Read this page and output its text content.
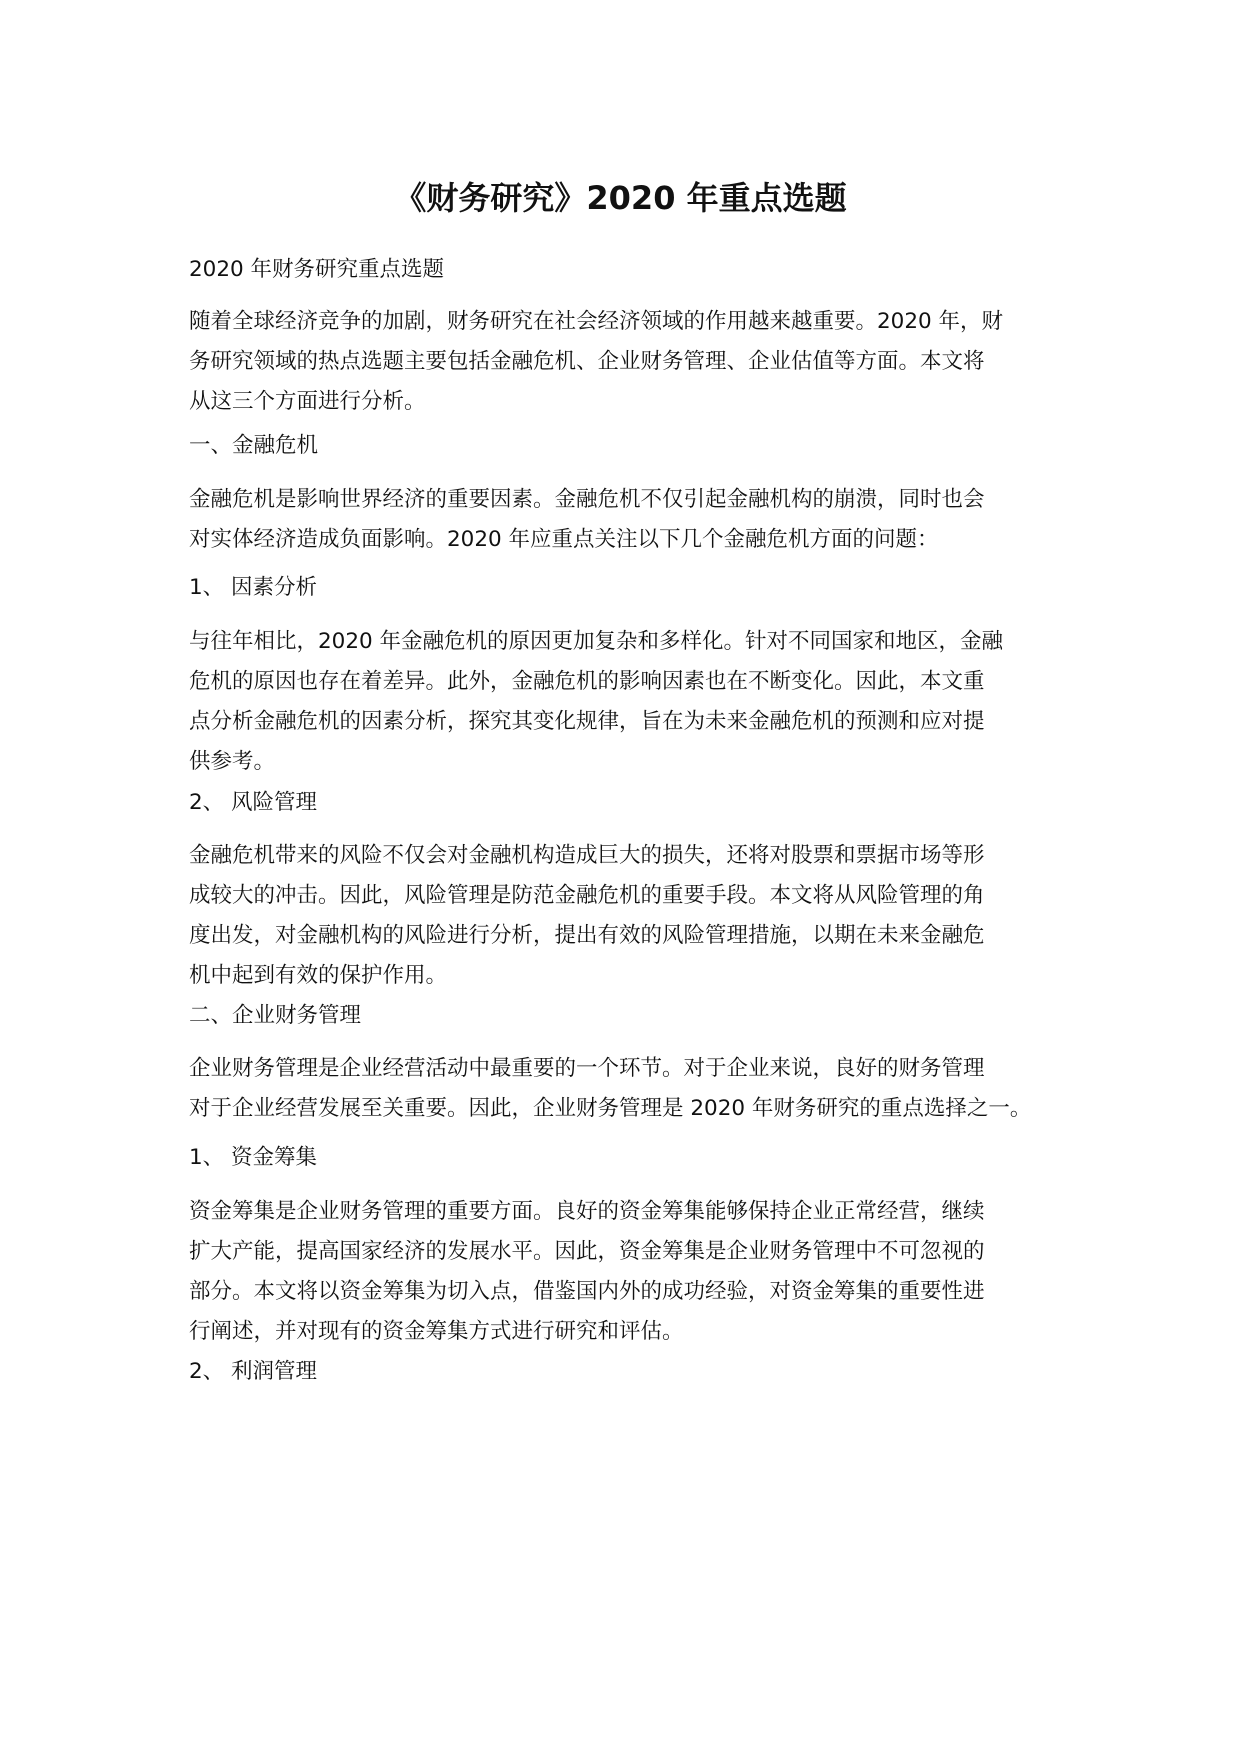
《财务研究》2020 年重点选题

2020 年财务研究重点选题

随着全球经济竞争的加剧，财务研究在社会经济领域的作用越来越重要。2020 年，财
务研究领域的热点选题主要包括金融危机、企业财务管理、企业估值等方面。本文将
从这三个方面进行分析。

一、金融危机

金融危机是影响世界经济的重要因素。金融危机不仅引起金融机构的崩溃，同时也会
对实体经济造成负面影响。2020 年应重点关注以下几个金融危机方面的问题：

1、 因素分析

与往年相比，2020 年金融危机的原因更加复杂和多样化。针对不同国家和地区，金融
危机的原因也存在着差异。此外，金融危机的影响因素也在不断变化。因此，本文重
点分析金融危机的因素分析，探究其变化规律，旨在为未来金融危机的预测和应对提
供参考。

2、 风险管理

金融危机带来的风险不仅会对金融机构造成巨大的损失，还将对股票和票据市场等形
成较大的冲击。因此，风险管理是防范金融危机的重要手段。本文将从风险管理的角
度出发，对金融机构的风险进行分析，提出有效的风险管理措施，以期在未来金融危
机中起到有效的保护作用。

二、企业财务管理

企业财务管理是企业经营活动中最重要的一个环节。对于企业来说，良好的财务管理
对于企业经营发展至关重要。因此，企业财务管理是 2020 年财务研究的重点选择之一。

1、 资金筹集

资金筹集是企业财务管理的重要方面。良好的资金筹集能够保持企业正常经营，继续
扩大产能，提高国家经济的发展水平。因此，资金筹集是企业财务管理中不可忽视的
部分。本文将以资金筹集为切入点，借鉴国内外的成功经验，对资金筹集的重要性进
行阐述，并对现有的资金筹集方式进行研究和评估。

2、 利润管理
